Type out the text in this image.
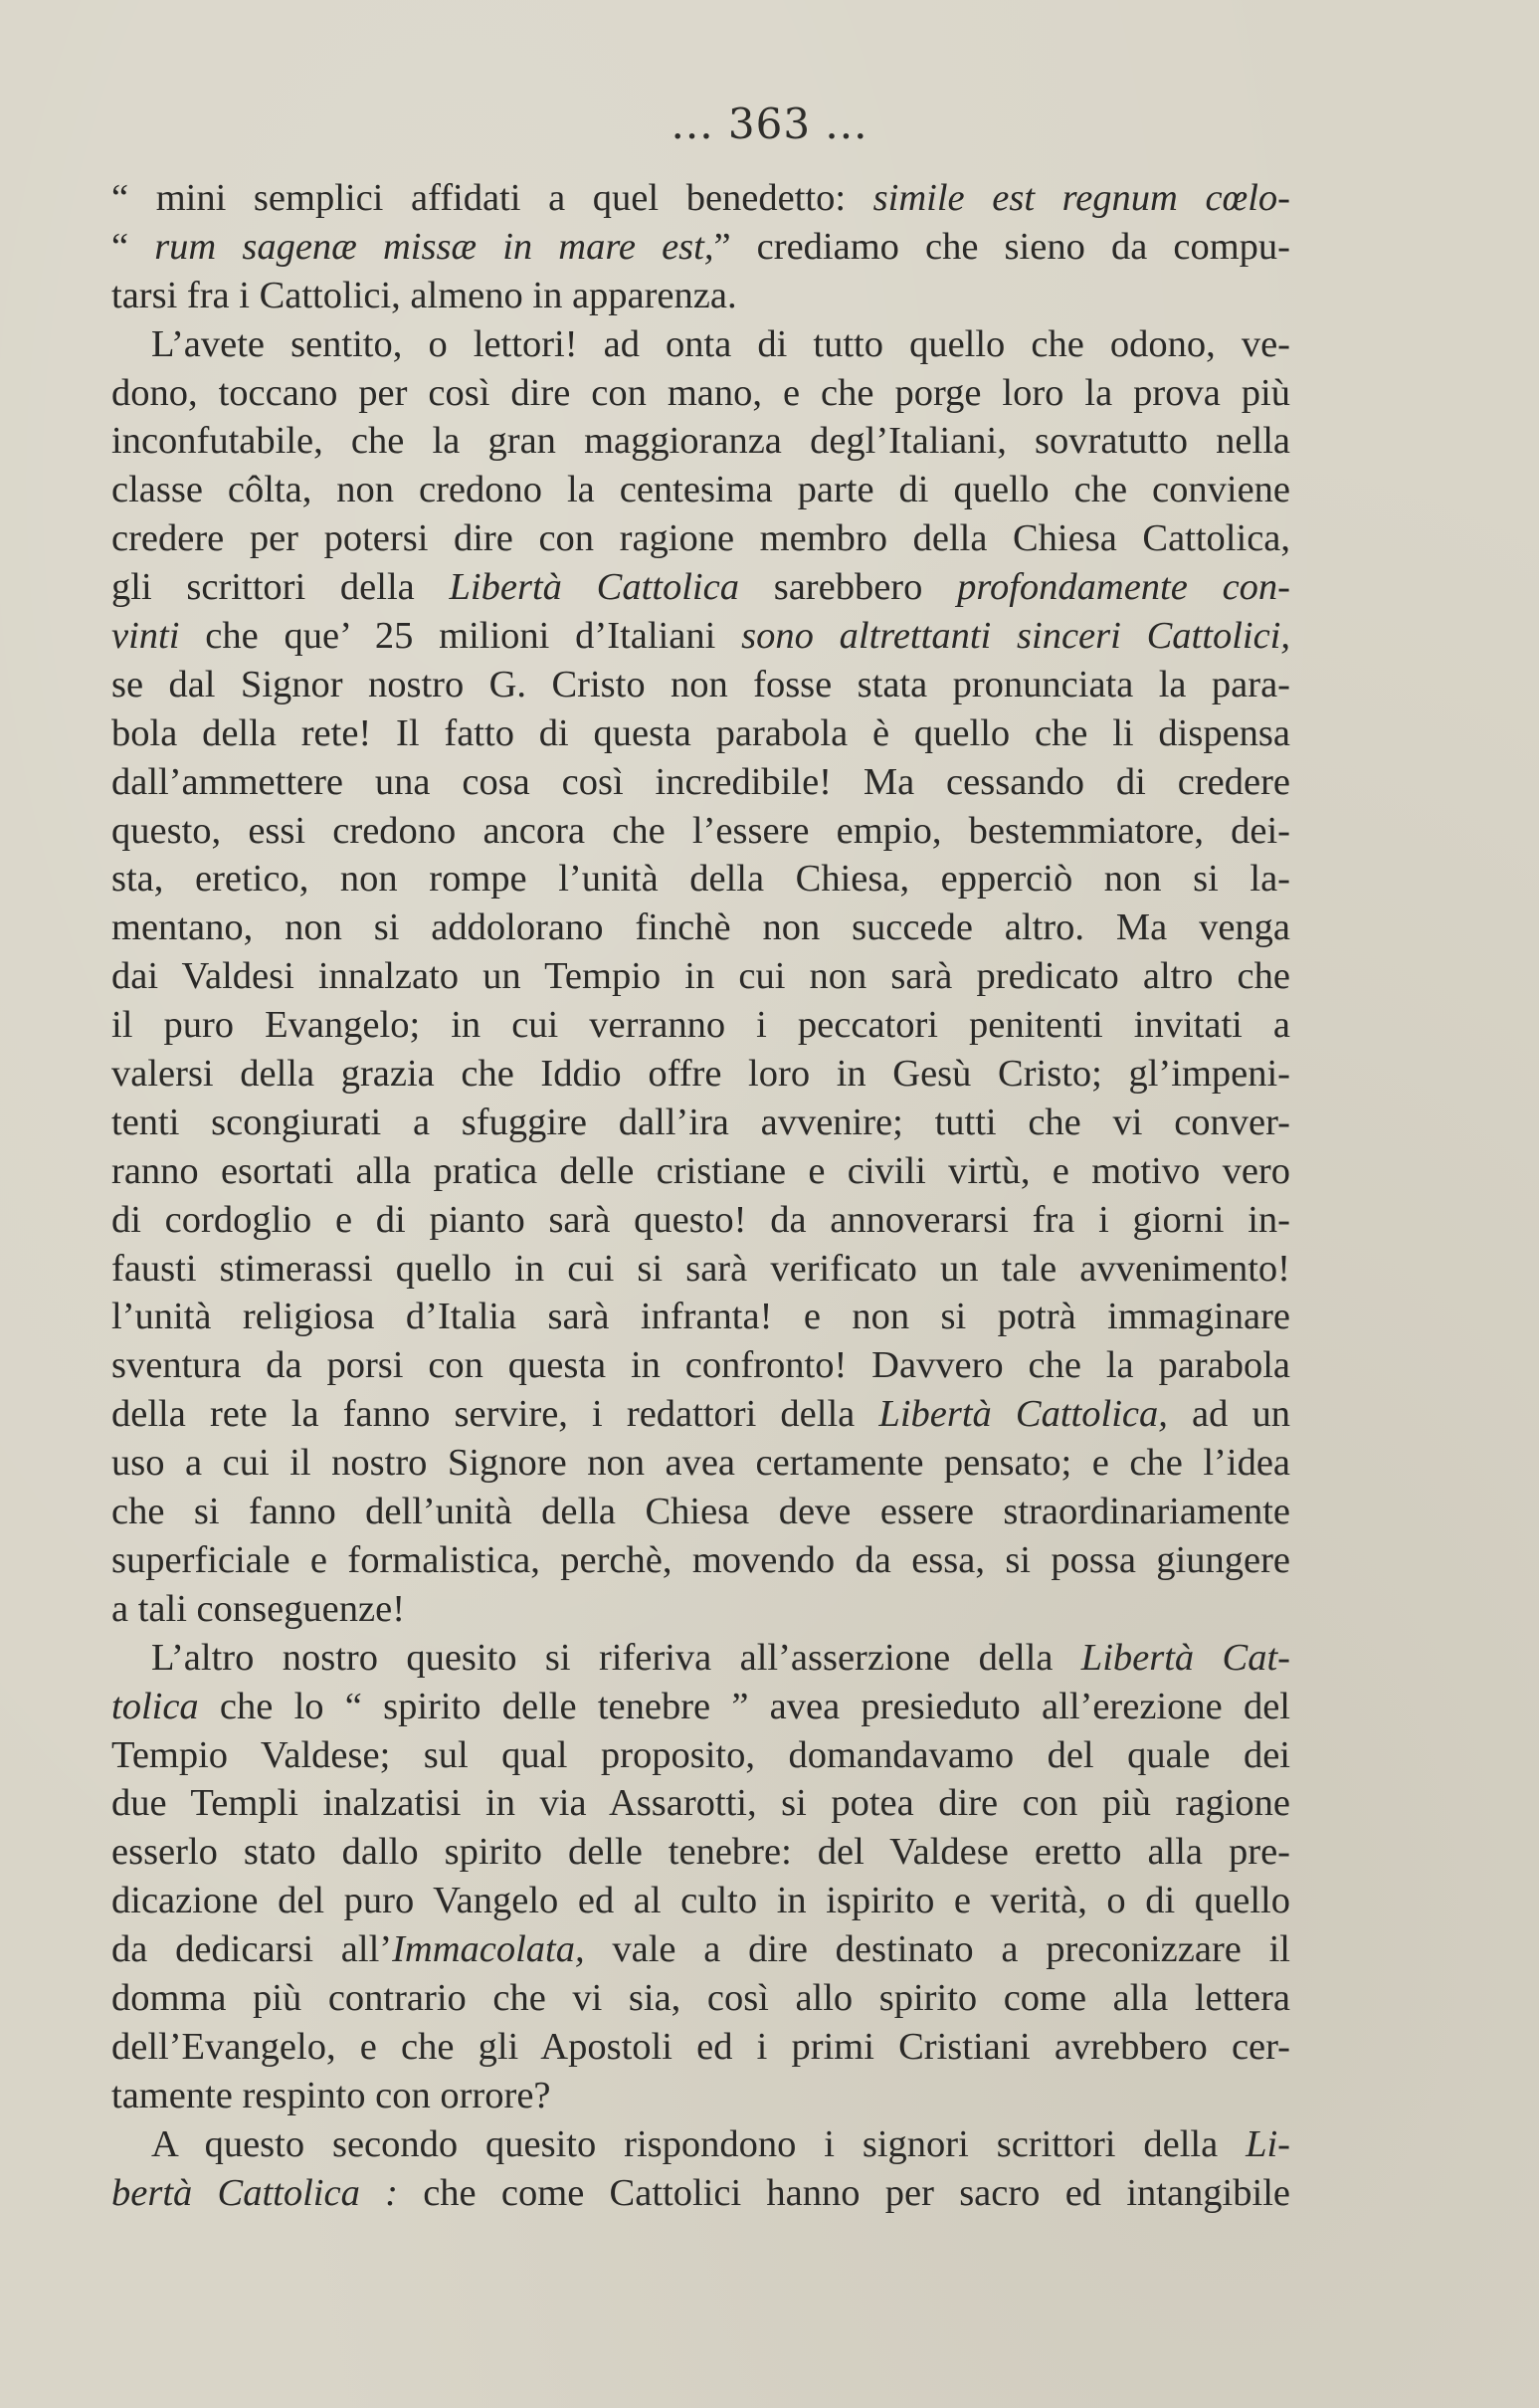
... 363 ...
“ mini semplici affidati a quel benedetto: simile est regnum cœlo-
“ rum sagenæ missæ in mare est,” crediamo che sieno da compu-
tarsi fra i Cattolici, almeno in apparenza.
L’avete sentito, o lettori! ad onta di tutto quello che odono, ve-
dono, toccano per così dire con mano, e che porge loro la prova più
inconfutabile, che la gran maggioranza degl’Italiani, sovratutto nella
classe côlta, non credono la centesima parte di quello che conviene
credere per potersi dire con ragione membro della Chiesa Cattolica,
gli scrittori della Libertà Cattolica sarebbero profondamente con-
vinti che que’ 25 milioni d’Italiani sono altrettanti sinceri Cattolici,
se dal Signor nostro G. Cristo non fosse stata pronunciata la para-
bola della rete! Il fatto di questa parabola è quello che li dispensa
dall’ammettere una cosa così incredibile! Ma cessando di credere
questo, essi credono ancora che l’essere empio, bestemmiatore, dei-
sta, eretico, non rompe l’unità della Chiesa, epperciò non si la-
mentano, non si addolorano finchè non succede altro. Ma venga
dai Valdesi innalzato un Tempio in cui non sarà predicato altro che
il puro Evangelo; in cui verranno i peccatori penitenti invitati a
valersi della grazia che Iddio offre loro in Gesù Cristo; gl’impeni-
tenti scongiurati a sfuggire dall’ira avvenire; tutti che vi conver-
ranno esortati alla pratica delle cristiane e civili virtù, e motivo vero
di cordoglio e di pianto sarà questo! da annoverarsi fra i giorni in-
fausti stimerassi quello in cui si sarà verificato un tale avvenimento!
l’unità religiosa d’Italia sarà infranta! e non si potrà immaginare
sventura da porsi con questa in confronto! Davvero che la parabola
della rete la fanno servire, i redattori della Libertà Cattolica, ad un
uso a cui il nostro Signore non avea certamente pensato; e che l’idea
che si fanno dell’unità della Chiesa deve essere straordinariamente
superficiale e formalistica, perchè, movendo da essa, si possa giungere
a tali conseguenze!
L’altro nostro quesito si riferiva all’asserzione della Libertà Cat-
tolica che lo “ spirito delle tenebre ” avea presieduto all’erezione del
Tempio Valdese; sul qual proposito, domandavamo del quale dei
due Templi inalzatisi in via Assarotti, si potea dire con più ragione
esserlo stato dallo spirito delle tenebre: del Valdese eretto alla pre-
dicazione del puro Vangelo ed al culto in ispirito e verità, o di quello
da dedicarsi all’Immacolata, vale a dire destinato a preconizzare il
domma più contrario che vi sia, così allo spirito come alla lettera
dell’Evangelo, e che gli Apostoli ed i primi Cristiani avrebbero cer-
tamente respinto con orrore?
A questo secondo quesito rispondono i signori scrittori della Li-
bertà Cattolica : che come Cattolici hanno per sacro ed intangibile
